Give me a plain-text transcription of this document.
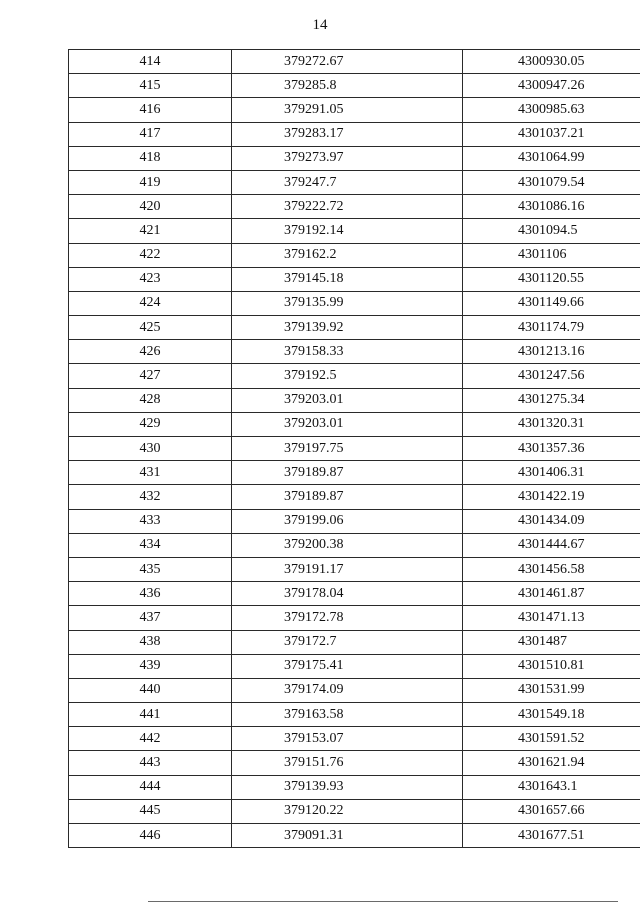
14
414	379272.67	4300930.05
415	379285.8	4300947.26
416	379291.05	4300985.63
417	379283.17	4301037.21
418	379273.97	4301064.99
419	379247.7	4301079.54
420	379222.72	4301086.16
421	379192.14	4301094.5
422	379162.2	4301106
423	379145.18	4301120.55
424	379135.99	4301149.66
425	379139.92	4301174.79
426	379158.33	4301213.16
427	379192.5	4301247.56
428	379203.01	4301275.34
429	379203.01	4301320.31
430	379197.75	4301357.36
431	379189.87	4301406.31
432	379189.87	4301422.19
433	379199.06	4301434.09
434	379200.38	4301444.67
435	379191.17	4301456.58
436	379178.04	4301461.87
437	379172.78	4301471.13
438	379172.7	4301487
439	379175.41	4301510.81
440	379174.09	4301531.99
441	379163.58	4301549.18
442	379153.07	4301591.52
443	379151.76	4301621.94
444	379139.93	4301643.1
445	379120.22	4301657.66
446	379091.31	4301677.51
